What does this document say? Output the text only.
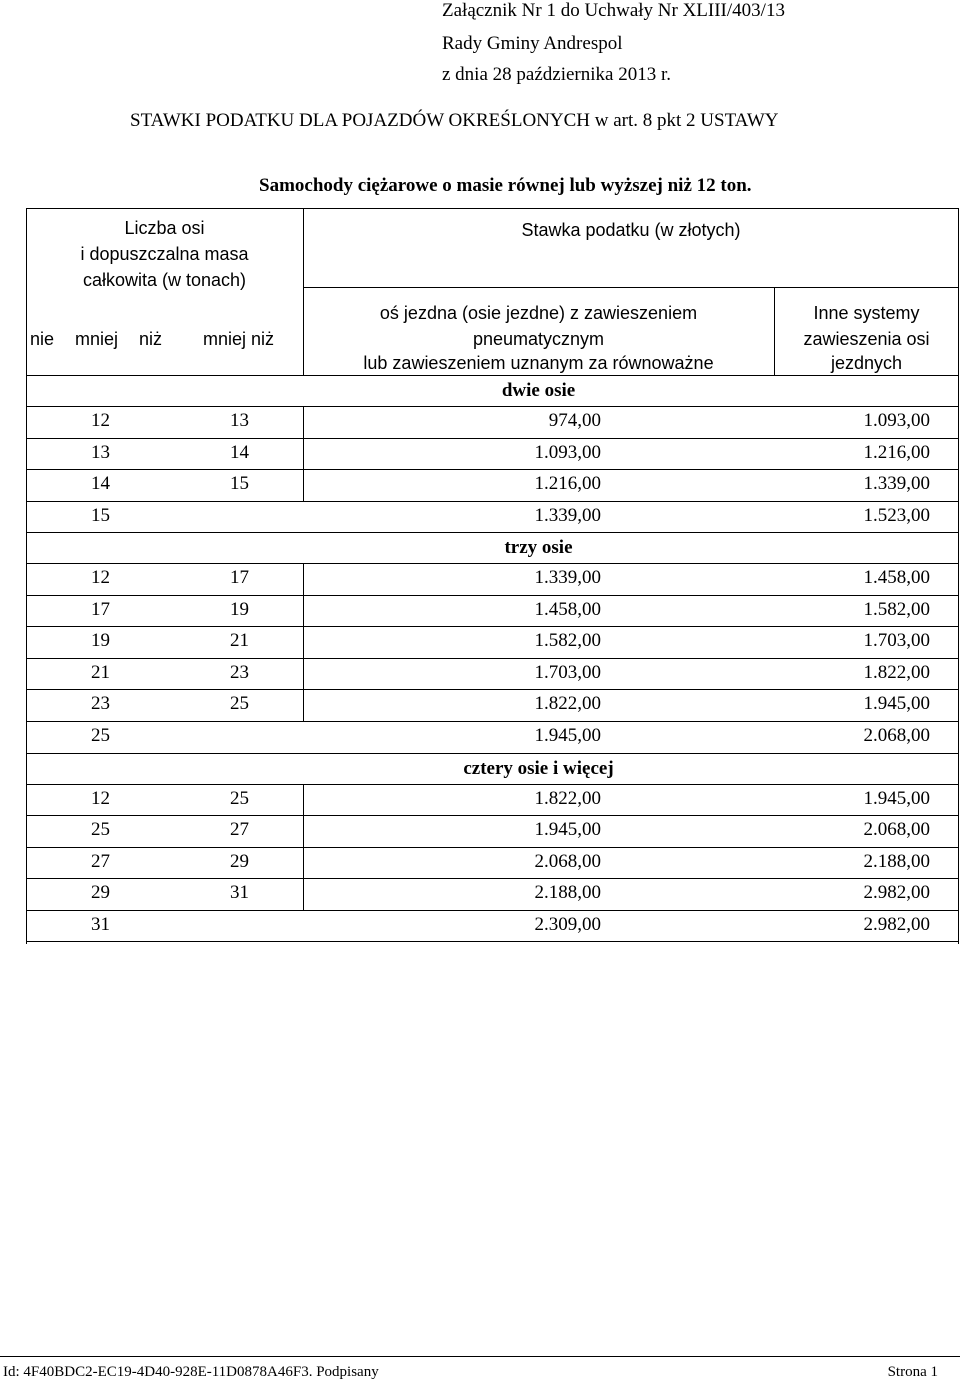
Załącznik Nr 1 do Uchwały Nr XLIII/403/13
Rady Gminy Andrespol
z dnia 28 października 2013 r.
STAWKI PODATKU DLA POJAZDÓW OKREŚLONYCH w art. 8 pkt 2 USTAWY
Samochody ciężarowe o masie równej lub wyższej niż 12 ton.
Liczba osi
i dopuszczalna masa
całkowita (w tonach)
nie mniej niż mniej niż
Stawka podatku (w złotych)
oś jezdna (osie jezdne) z zawieszeniem
pneumatycznym
lub zawieszeniem uznanym za równoważne
Inne systemy
zawieszenia osi
jezdnych
dwie osie
12	13	974,00	1.093,00
13	14	1.093,00	1.216,00
14	15	1.216,00	1.339,00
15	1.339,00	1.523,00
trzy osie
12	17	1.339,00	1.458,00
17	19	1.458,00	1.582,00
19	21	1.582,00	1.703,00
21	23	1.703,00	1.822,00
23	25	1.822,00	1.945,00
25	1.945,00	2.068,00
cztery osie i więcej
12	25	1.822,00	1.945,00
25	27	1.945,00	2.068,00
27	29	2.068,00	2.188,00
29	31	2.188,00	2.982,00
31	2.309,00	2.982,00
Id: 4F40BDC2-EC19-4D40-928E-11D0878A46F3. Podpisany	Strona 1
